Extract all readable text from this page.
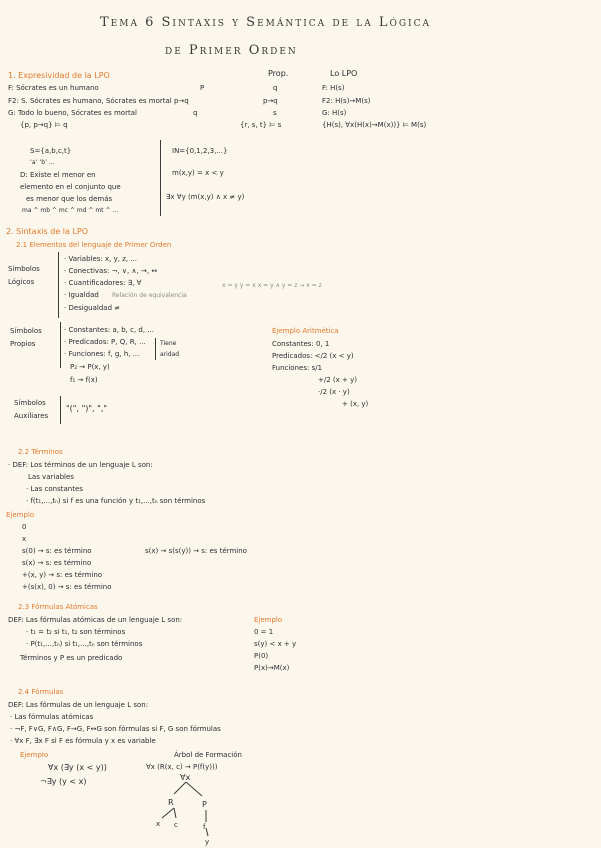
Tema 6 Sintaxis y Semántica de la Lógica
de Primer Orden
1. Expresividad de la LPO	Prop.	Lo LPO
F: Sócrates es un humano	P	q	F: H(s)
F2: S. Sócrates es humano, Sócrates es mortal p→q	p→q	F2: H(s)→M(s)
G: Todo lo bueno, Sócrates es mortal	q	s	G: H(s)
{p, p→q} ⊨ q	{r, s, t} ⊨ s	{H(s), ∀x(H(x)→M(x))} ⊨ M(s)
S={a,b,c,t}
‘a’ ‘b’ ...
D: Existe el menor en
elemento en el conjunto que
es menor que los demás
ma ^ mb ^ mc ^ md ^ mt ^ ...
IN={0,1,2,3,...}
m(x,y) = x < y
∃x ∀y (m(x,y) ∧ x ≠ y)
2. Sintaxis de la LPO
2.1 Elementos del lenguaje de Primer Orden
Símbolos
Lógicos
· Variables: x, y, z, ...
· Conectivas: ¬, ∨, ∧, →, ↔
· Cuantificadores: ∃, ∀
· Igualdad Relación de equivalencia
x = y y = x x = y ∧ y = z → x = z
· Desigualdad ≠
Símbolos
Propios
· Constantes: a, b, c, d, ...
· Predicados: P, Q, R, ...
· Funciones: f, g, h, ...
Tiene
aridad
P₂ → P(x, y)
f₁ → f(x)
Ejemplo Aritmética
Constantes: 0, 1
Predicados: </2 (x < y)
Funciones: s/1
+/2 (x + y)
·/2 (x · y)
+ (x, y)
Símbolos
Auxiliares
"(", ")", ","
2.2 Términos
· DEF: Los términos de un lenguaje L son:
Las variables
· Las constantes
· f(t₁,...,tₙ) si f es una función y t₁,...,tₙ son términos
Ejemplo
0
x
s(0) → s: es término	s(x) → s(s(y)) → s: es término
s(x) → s: es término
+(x, y) → s: es término
+(s(x), 0) → s: es término
2.3 Fórmulas Atómicas
DEF: Las fórmulas atómicas de un lenguaje L son:
· t₁ = t₂ si t₁, t₂ son términos
· P(t₁,...,tₙ) si t₁,...,tₙ son términos
Términos y P es un predicado
Ejemplo
0 = 1
s(y) < x + y
P(0)
P(x)→M(x)
2.4 Fórmulas
DEF: Las fórmulas de un lenguaje L son:
· Las fórmulas atómicas
· ¬F, F∨G, F∧G, F→G, F↔G son fórmulas si F, G son fórmulas
· ∀x F, ∃x F si F es fórmula y x es variable
Ejemplo
∀x (∃y (x < y))
¬∃y (y < x)
Árbol de Formación
∀x (R(x, c) → P(f(y)))
∀x
R	P
x c	f
y
